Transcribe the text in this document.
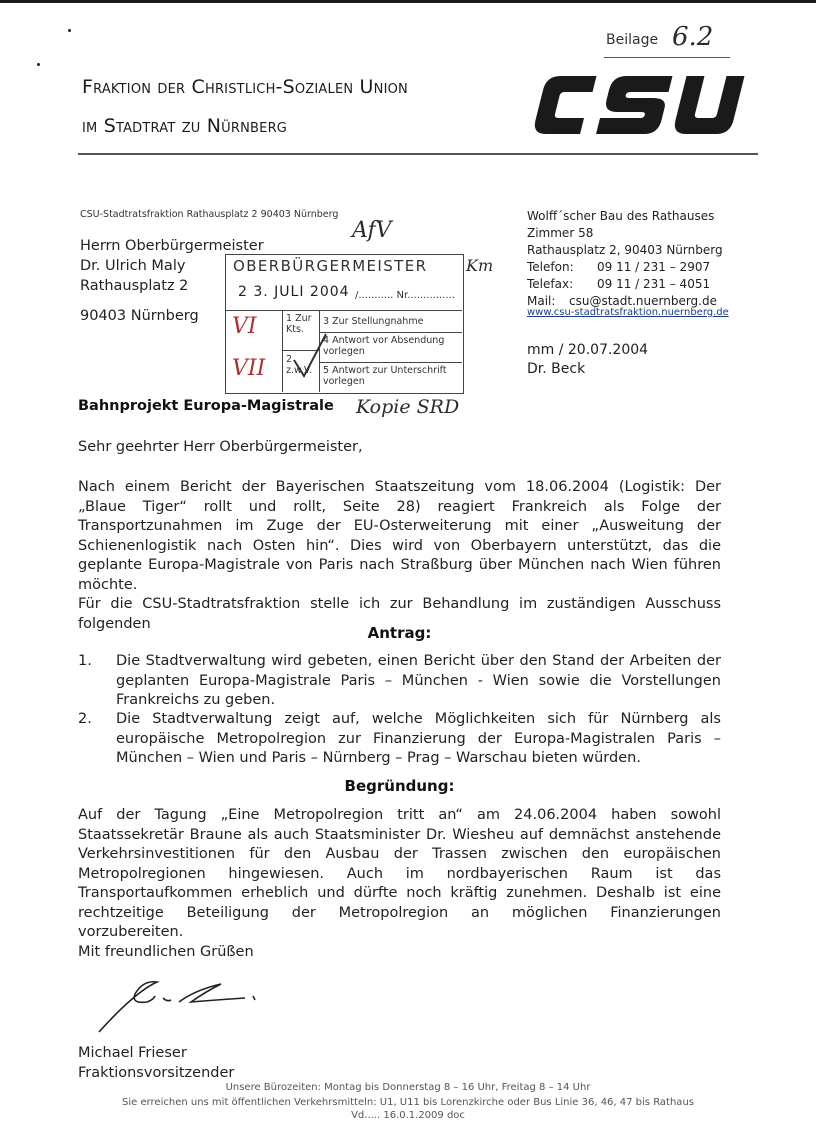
Beilage 6.2
Fraktion der Christlich-Sozialen Union
im Stadtrat zu Nürnberg
CSU-Stadtratsfraktion Rathausplatz 2 90403 Nürnberg
Herrn Oberbürgermeister
Dr. Ulrich Maly
Rathausplatz 2
90403 Nürnberg
Wolff´scher Bau des Rathauses
Zimmer 58
Rathausplatz 2, 90403 Nürnberg
Telefon: 09 11 / 231 – 2907
Telefax: 09 11 / 231 – 4051
Mail: csu@stadt.nuernberg.de
www.csu-stadtratsfraktion.nuernberg.de
mm / 20.07.2004
Dr. Beck
OBERBÜRGERMEISTER
2 3. JULI 2004 /........... Nr...............
1 Zur Kts.
2 z.w.V.
3 Zur Stellungnahme
4 Antwort vor Absendung vorlegen
5 Antwort zur Unterschrift vorlegen
VI
VII
AfV
Km
Kopie SRD
Bahnprojekt Europa-Magistrale
Sehr geehrter Herr Oberbürgermeister,
Nach einem Bericht der Bayerischen Staatszeitung vom 18.06.2004 (Logistik: Der „Blaue Tiger“ rollt und rollt, Seite 28) reagiert Frankreich als Folge der Transportzunahmen im Zuge der EU-Osterweiterung mit einer „Ausweitung der Schienenlogistik nach Osten hin“. Dies wird von Oberbayern unterstützt, das die geplante Europa-Magistrale von Paris nach Straßburg über München nach Wien führen möchte.
Für die CSU-Stadtratsfraktion stelle ich zur Behandlung im zuständigen Ausschuss folgenden
Antrag:
1.	Die Stadtverwaltung wird gebeten, einen Bericht über den Stand der Arbeiten der geplanten Europa-Magistrale Paris – München - Wien sowie die Vorstellungen Frankreichs zu geben.
2.	Die Stadtverwaltung zeigt auf, welche Möglichkeiten sich für Nürnberg als europäische Metropolregion zur Finanzierung der Europa-Magistralen Paris – München – Wien und Paris – Nürnberg – Prag – Warschau bieten würden.
Begründung:
Auf der Tagung „Eine Metropolregion tritt an“ am 24.06.2004 haben sowohl Staatssekretär Braune als auch Staatsminister Dr. Wiesheu auf demnächst anstehende Verkehrsinvestitionen für den Ausbau der Trassen zwischen den europäischen Metropolregionen hingewiesen. Auch im nordbayerischen Raum ist das Transportaufkommen erheblich und dürfte noch kräftig zunehmen. Deshalb ist eine rechtzeitige Beteiligung der Metropolregion an möglichen Finanzierungen vorzubereiten.
Mit freundlichen Grüßen
Michael Frieser
Fraktionsvorsitzender
Unsere Bürozeiten: Montag bis Donnerstag 8 – 16 Uhr, Freitag 8 – 14 Uhr
Sie erreichen uns mit öffentlichen Verkehrsmitteln: U1, U11 bis Lorenzkirche oder Bus Linie 36, 46, 47 bis Rathaus
Vd..... 16.0.1.2009 doc
